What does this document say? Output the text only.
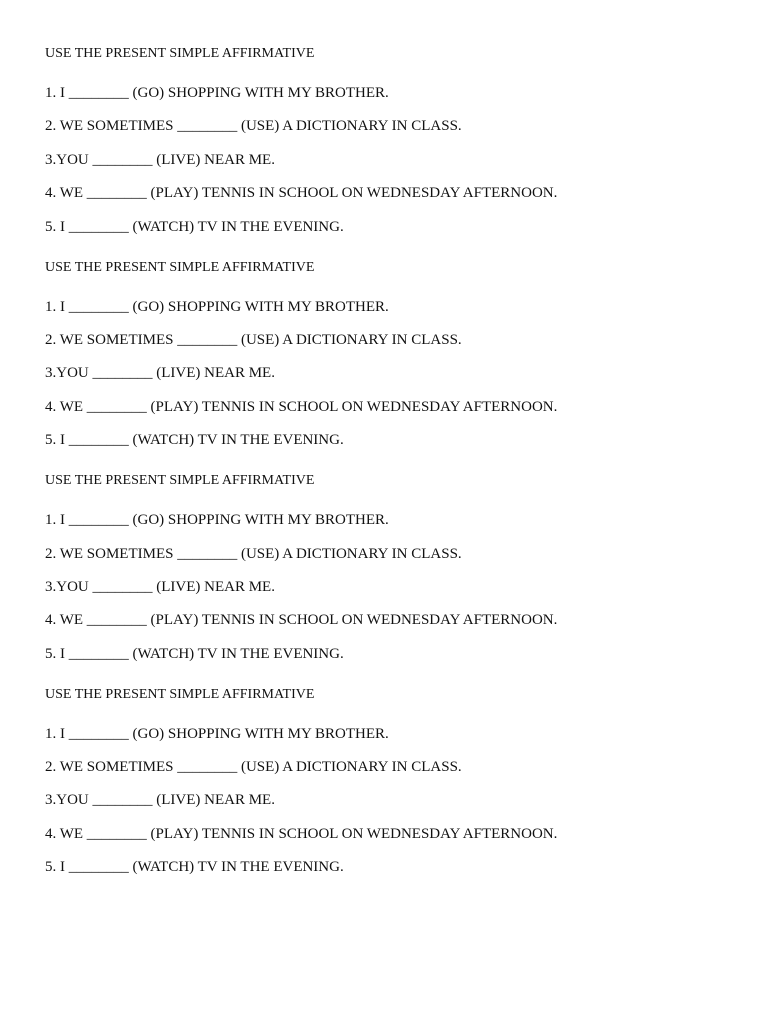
USE THE PRESENT SIMPLE AFFIRMATIVE
1. I ________ (GO) SHOPPING WITH MY BROTHER.
2. WE SOMETIMES ________ (USE) A DICTIONARY IN CLASS.
3.YOU ________ (LIVE) NEAR ME.
4. WE ________ (PLAY) TENNIS IN SCHOOL ON WEDNESDAY AFTERNOON.
5. I ________ (WATCH) TV IN THE EVENING.
USE THE PRESENT SIMPLE AFFIRMATIVE
1. I ________ (GO) SHOPPING WITH MY BROTHER.
2. WE SOMETIMES ________ (USE) A DICTIONARY IN CLASS.
3.YOU ________ (LIVE) NEAR ME.
4. WE ________ (PLAY) TENNIS IN SCHOOL ON WEDNESDAY AFTERNOON.
5. I ________ (WATCH) TV IN THE EVENING.
USE THE PRESENT SIMPLE AFFIRMATIVE
1. I ________ (GO) SHOPPING WITH MY BROTHER.
2. WE SOMETIMES ________ (USE) A DICTIONARY IN CLASS.
3.YOU ________ (LIVE) NEAR ME.
4. WE ________ (PLAY) TENNIS IN SCHOOL ON WEDNESDAY AFTERNOON.
5. I ________ (WATCH) TV IN THE EVENING.
USE THE PRESENT SIMPLE AFFIRMATIVE
1. I ________ (GO) SHOPPING WITH MY BROTHER.
2. WE SOMETIMES ________ (USE) A DICTIONARY IN CLASS.
3.YOU ________ (LIVE) NEAR ME.
4. WE ________ (PLAY) TENNIS IN SCHOOL ON WEDNESDAY AFTERNOON.
5. I ________ (WATCH) TV IN THE EVENING.
